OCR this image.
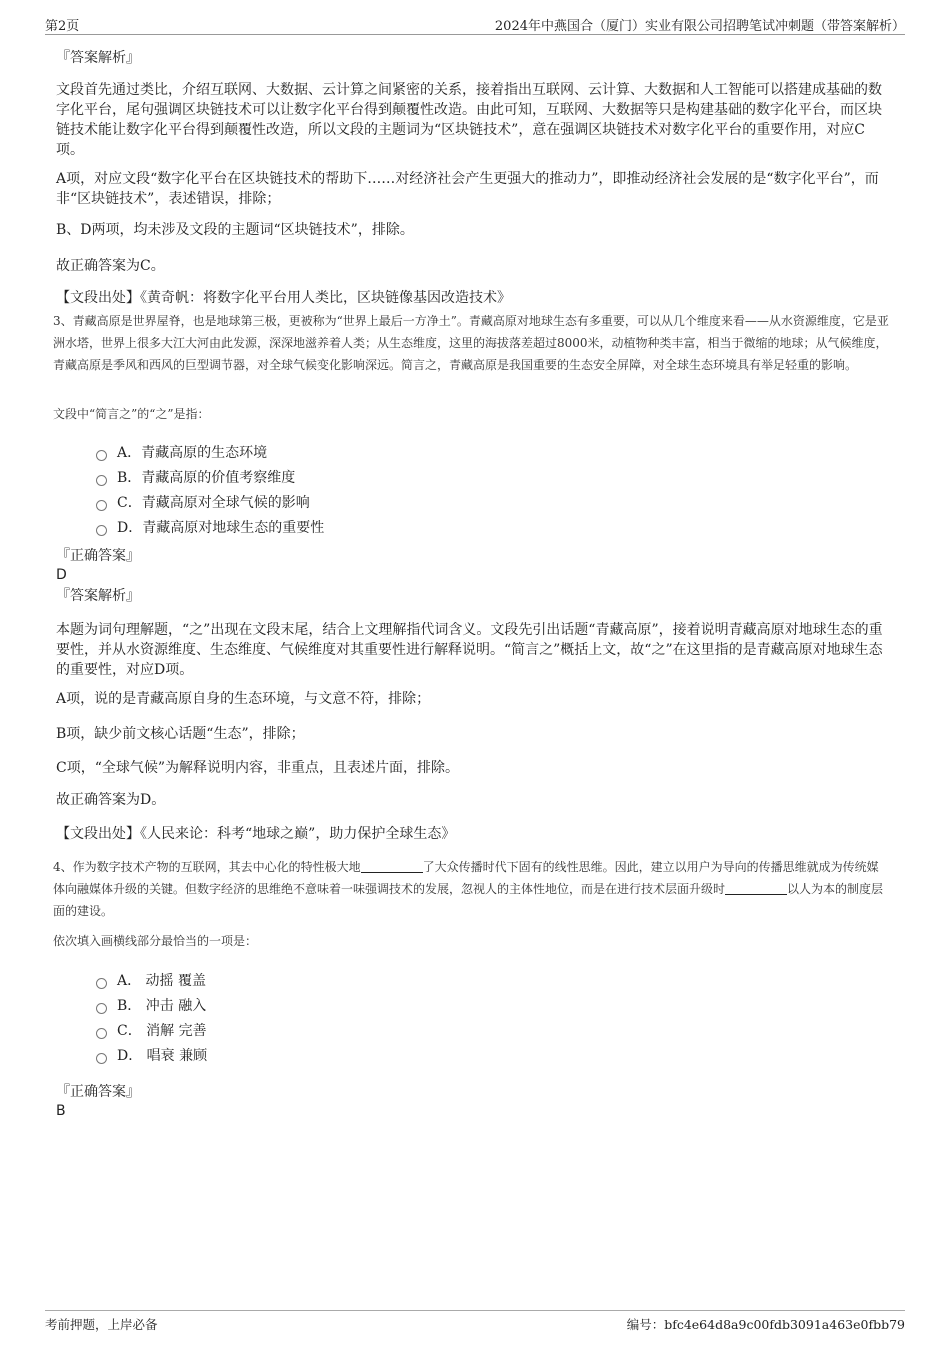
第2页	2024年中燕国合（厦门）实业有限公司招聘笔试冲刺题（带答案解析）
『答案解析』

文段首先通过类比，介绍互联网、大数据、云计算之间紧密的关系，接着指出互联网、云计算、大数据和人工智能可以搭建成基础的数字化平台，尾句强调区块链技术可以让数字化平台得到颠覆性改造。由此可知，互联网、大数据等只是构建基础的数字化平台，而区块链技术能让数字化平台得到颠覆性改造，所以文段的主题词为“区块链技术”，意在强调区块链技术对数字化平台的重要作用，对应C项。

A项，对应文段“数字化平台在区块链技术的帮助下……对经济社会产生更强大的推动力”，即推动经济社会发展的是“数字化平台”，而非“区块链技术”，表述错误，排除；

B、D两项，均未涉及文段的主题词“区块链技术”，排除。

故正确答案为C。

【文段出处】《黄奇帆：将数字化平台用人类比，区块链像基因改造技术》

3、青藏高原是世界屋脊，也是地球第三极，更被称为“世界上最后一方净土”。青藏高原对地球生态有多重要，可以从几个维度来看——从水资源维度，它是亚洲水塔，世界上很多大江大河由此发源，深深地滋养着人类；从生态维度，这里的海拔落差超过8000米，动植物种类丰富，相当于微缩的地球；从气候维度，青藏高原是季风和西风的巨型调节器，对全球气候变化影响深远。简言之，青藏高原是我国重要的生态安全屏障，对全球生态环境具有举足轻重的影响。

文段中“简言之”的“之”是指：

A．青藏高原的生态环境
B．青藏高原的价值考察维度
C．青藏高原对全球气候的影响
D．青藏高原对地球生态的重要性
『正确答案』
D
『答案解析』

本题为词句理解题，“之”出现在文段末尾，结合上文理解指代词含义。文段先引出话题“青藏高原”，接着说明青藏高原对地球生态的重要性，并从水资源维度、生态维度、气候维度对其重要性进行解释说明。“简言之”概括上文，故“之”在这里指的是青藏高原对地球生态的重要性，对应D项。

A项，说的是青藏高原自身的生态环境，与文意不符，排除；

B项，缺少前文核心话题“生态”，排除；

C项，“全球气候”为解释说明内容，非重点，且表述片面，排除。

故正确答案为D。

【文段出处】《人民来论：科考“地球之巅”，助力保护全球生态》

4、作为数字技术产物的互联网，其去中心化的特性极大地	了大众传播时代下固有的线性思维。因此，建立以用户为导向的传播思维就成为传统媒体向融媒体升级的关键。但数字经济的思维绝不意味着一味强调技术的发展，忽视人的主体性地位，而是在进行技术层面升级时	以人为本的制度层面的建设。

依次填入画横线部分最恰当的一项是：

A． 动摇 覆盖
B． 冲击 融入
C． 消解 完善
D． 唱衰 兼顾
『正确答案』
B
考前押题，上岸必备	编号：bfc4e64d8a9c00fdb3091a463e0fbb79
